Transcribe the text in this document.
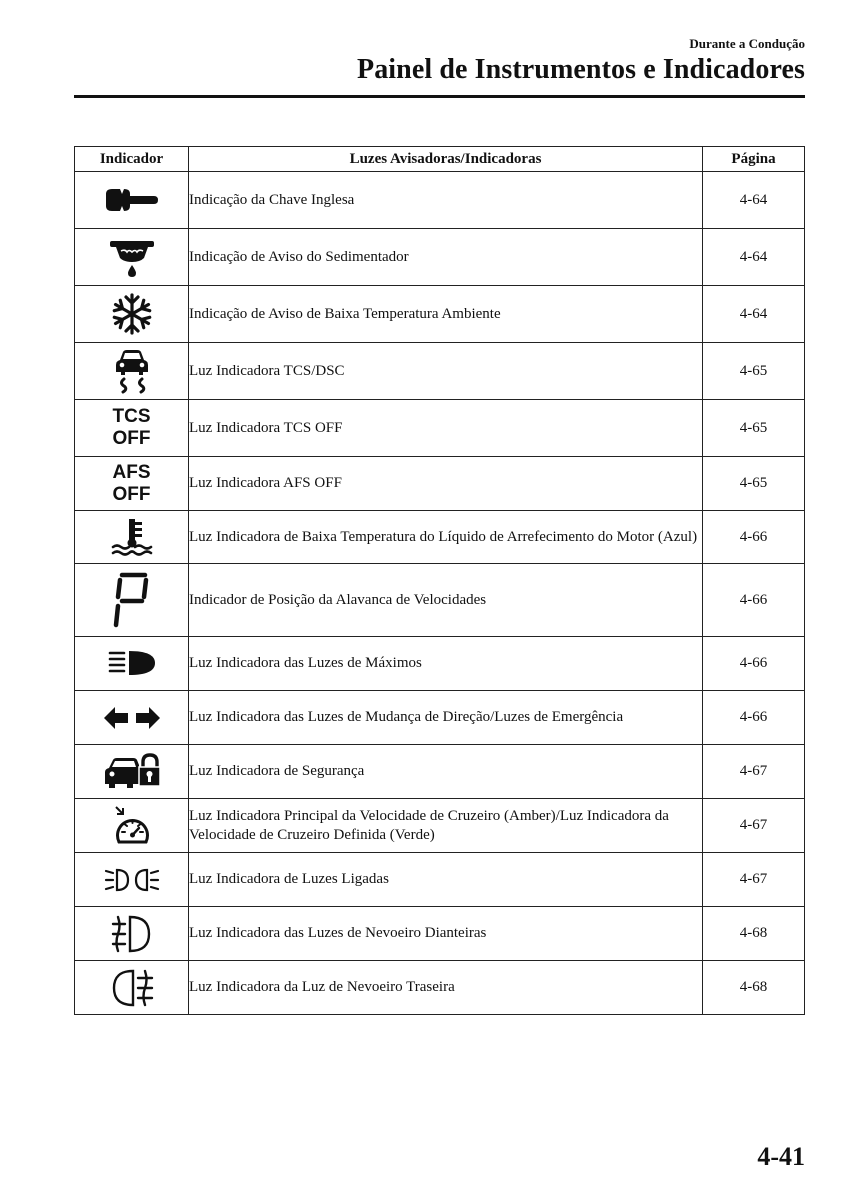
Durante a Condução
Painel de Instrumentos e Indicadores
Indicador	Luzes Avisadoras/Indicadoras	Página

	Indicação da Chave Inglesa	4-64

	Indicação de Aviso do Sedimentador	4-64

	Indicação de Aviso de Baixa Temperatura Ambiente	4-64

	Luz Indicadora TCS/DSC	4-65
TCS
OFF	Luz Indicadora TCS OFF	4-65
AFS
OFF	Luz Indicadora AFS OFF	4-65

	Luz Indicadora de Baixa Temperatura do Líquido de Arrefecimento do Motor (Azul)	4-66

	Indicador de Posição da Alavanca de Velocidades	4-66

	Luz Indicadora das Luzes de Máximos	4-66

	Luz Indicadora das Luzes de Mudança de Direção/Luzes de Emergência	4-66

	Luz Indicadora de Segurança	4-67

	Luz Indicadora Principal da Velocidade de Cruzeiro (Amber)/Luz Indicadora da Velocidade de Cruzeiro Definida (Verde)	4-67

	Luz Indicadora de Luzes Ligadas	4-67

	Luz Indicadora das Luzes de Nevoeiro Dianteiras	4-68

	Luz Indicadora da Luz de Nevoeiro Traseira	4-68
4-41
